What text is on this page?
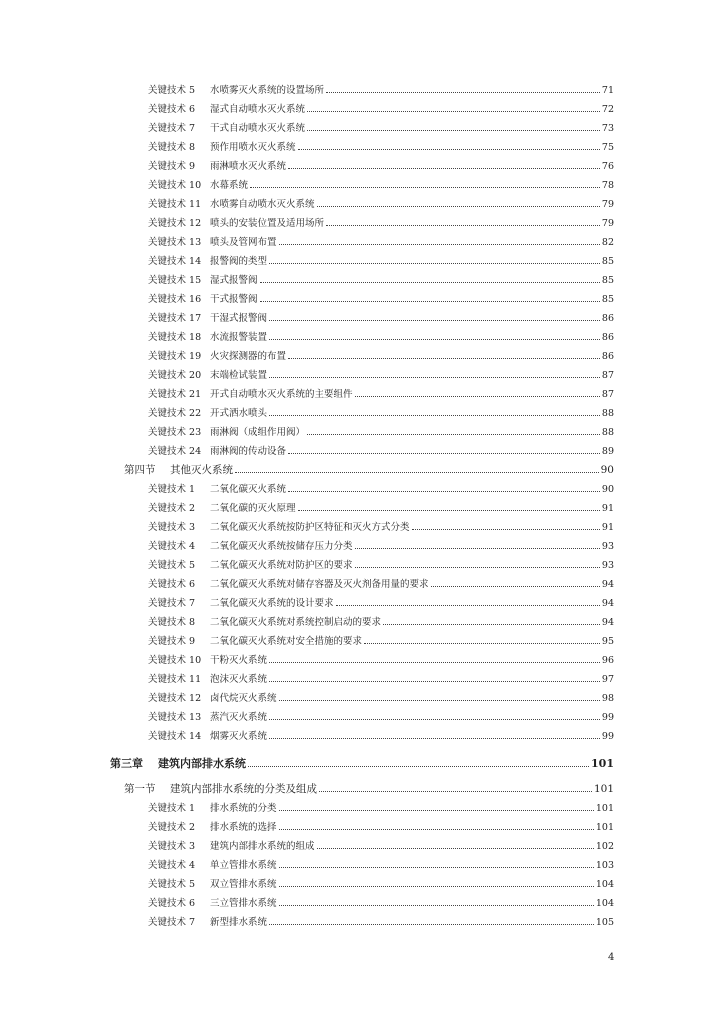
关键技术 5	水喷雾灭火系统的设置场所	71
关键技术 6	湿式自动喷水灭火系统	72
关键技术 7	干式自动喷水灭火系统	73
关键技术 8	预作用喷水灭火系统	75
关键技术 9	雨淋喷水灭火系统	76
关键技术 10 水幕系统	78
关键技术 11 水喷雾自动喷水灭火系统	79
关键技术 12 喷头的安装位置及适用场所	79
关键技术 13 喷头及管网布置	82
关键技术 14 报警阀的类型	85
关键技术 15 湿式报警阀	85
关键技术 16 干式报警阀	85
关键技术 17 干湿式报警阀	86
关键技术 18 水流报警装置	86
关键技术 19 火灾探测器的布置	86
关键技术 20 末端检试装置	87
关键技术 21 开式自动喷水灭火系统的主要组件	87
关键技术 22 开式洒水喷头	88
关键技术 23 雨淋阀（成组作用阀）	88
关键技术 24 雨淋阀的传动设备	89
第四节	其他灭火系统	90
关键技术 1	二氧化碳灭火系统	90
关键技术 2	二氧化碳的灭火原理	91
关键技术 3	二氧化碳灭火系统按防护区特征和灭火方式分类	91
关键技术 4	二氧化碳灭火系统按储存压力分类	93
关键技术 5	二氧化碳灭火系统对防护区的要求	93
关键技术 6	二氧化碳灭火系统对储存容器及灭火剂备用量的要求	94
关键技术 7	二氧化碳灭火系统的设计要求	94
关键技术 8	二氧化碳灭火系统对系统控制启动的要求	94
关键技术 9	二氧化碳灭火系统对安全措施的要求	95
关键技术 10 干粉灭火系统	96
关键技术 11 泡沫灭火系统	97
关键技术 12 卤代烷灭火系统	98
关键技术 13 蒸汽灭火系统	99
关键技术 14 烟雾灭火系统	99
第三章	建筑内部排水系统	101
第一节	建筑内部排水系统的分类及组成	101
关键技术 1	排水系统的分类	101
关键技术 2	排水系统的选择	101
关键技术 3	建筑内部排水系统的组成	102
关键技术 4	单立管排水系统	103
关键技术 5	双立管排水系统	104
关键技术 6	三立管排水系统	104
关键技术 7	新型排水系统	105
4
